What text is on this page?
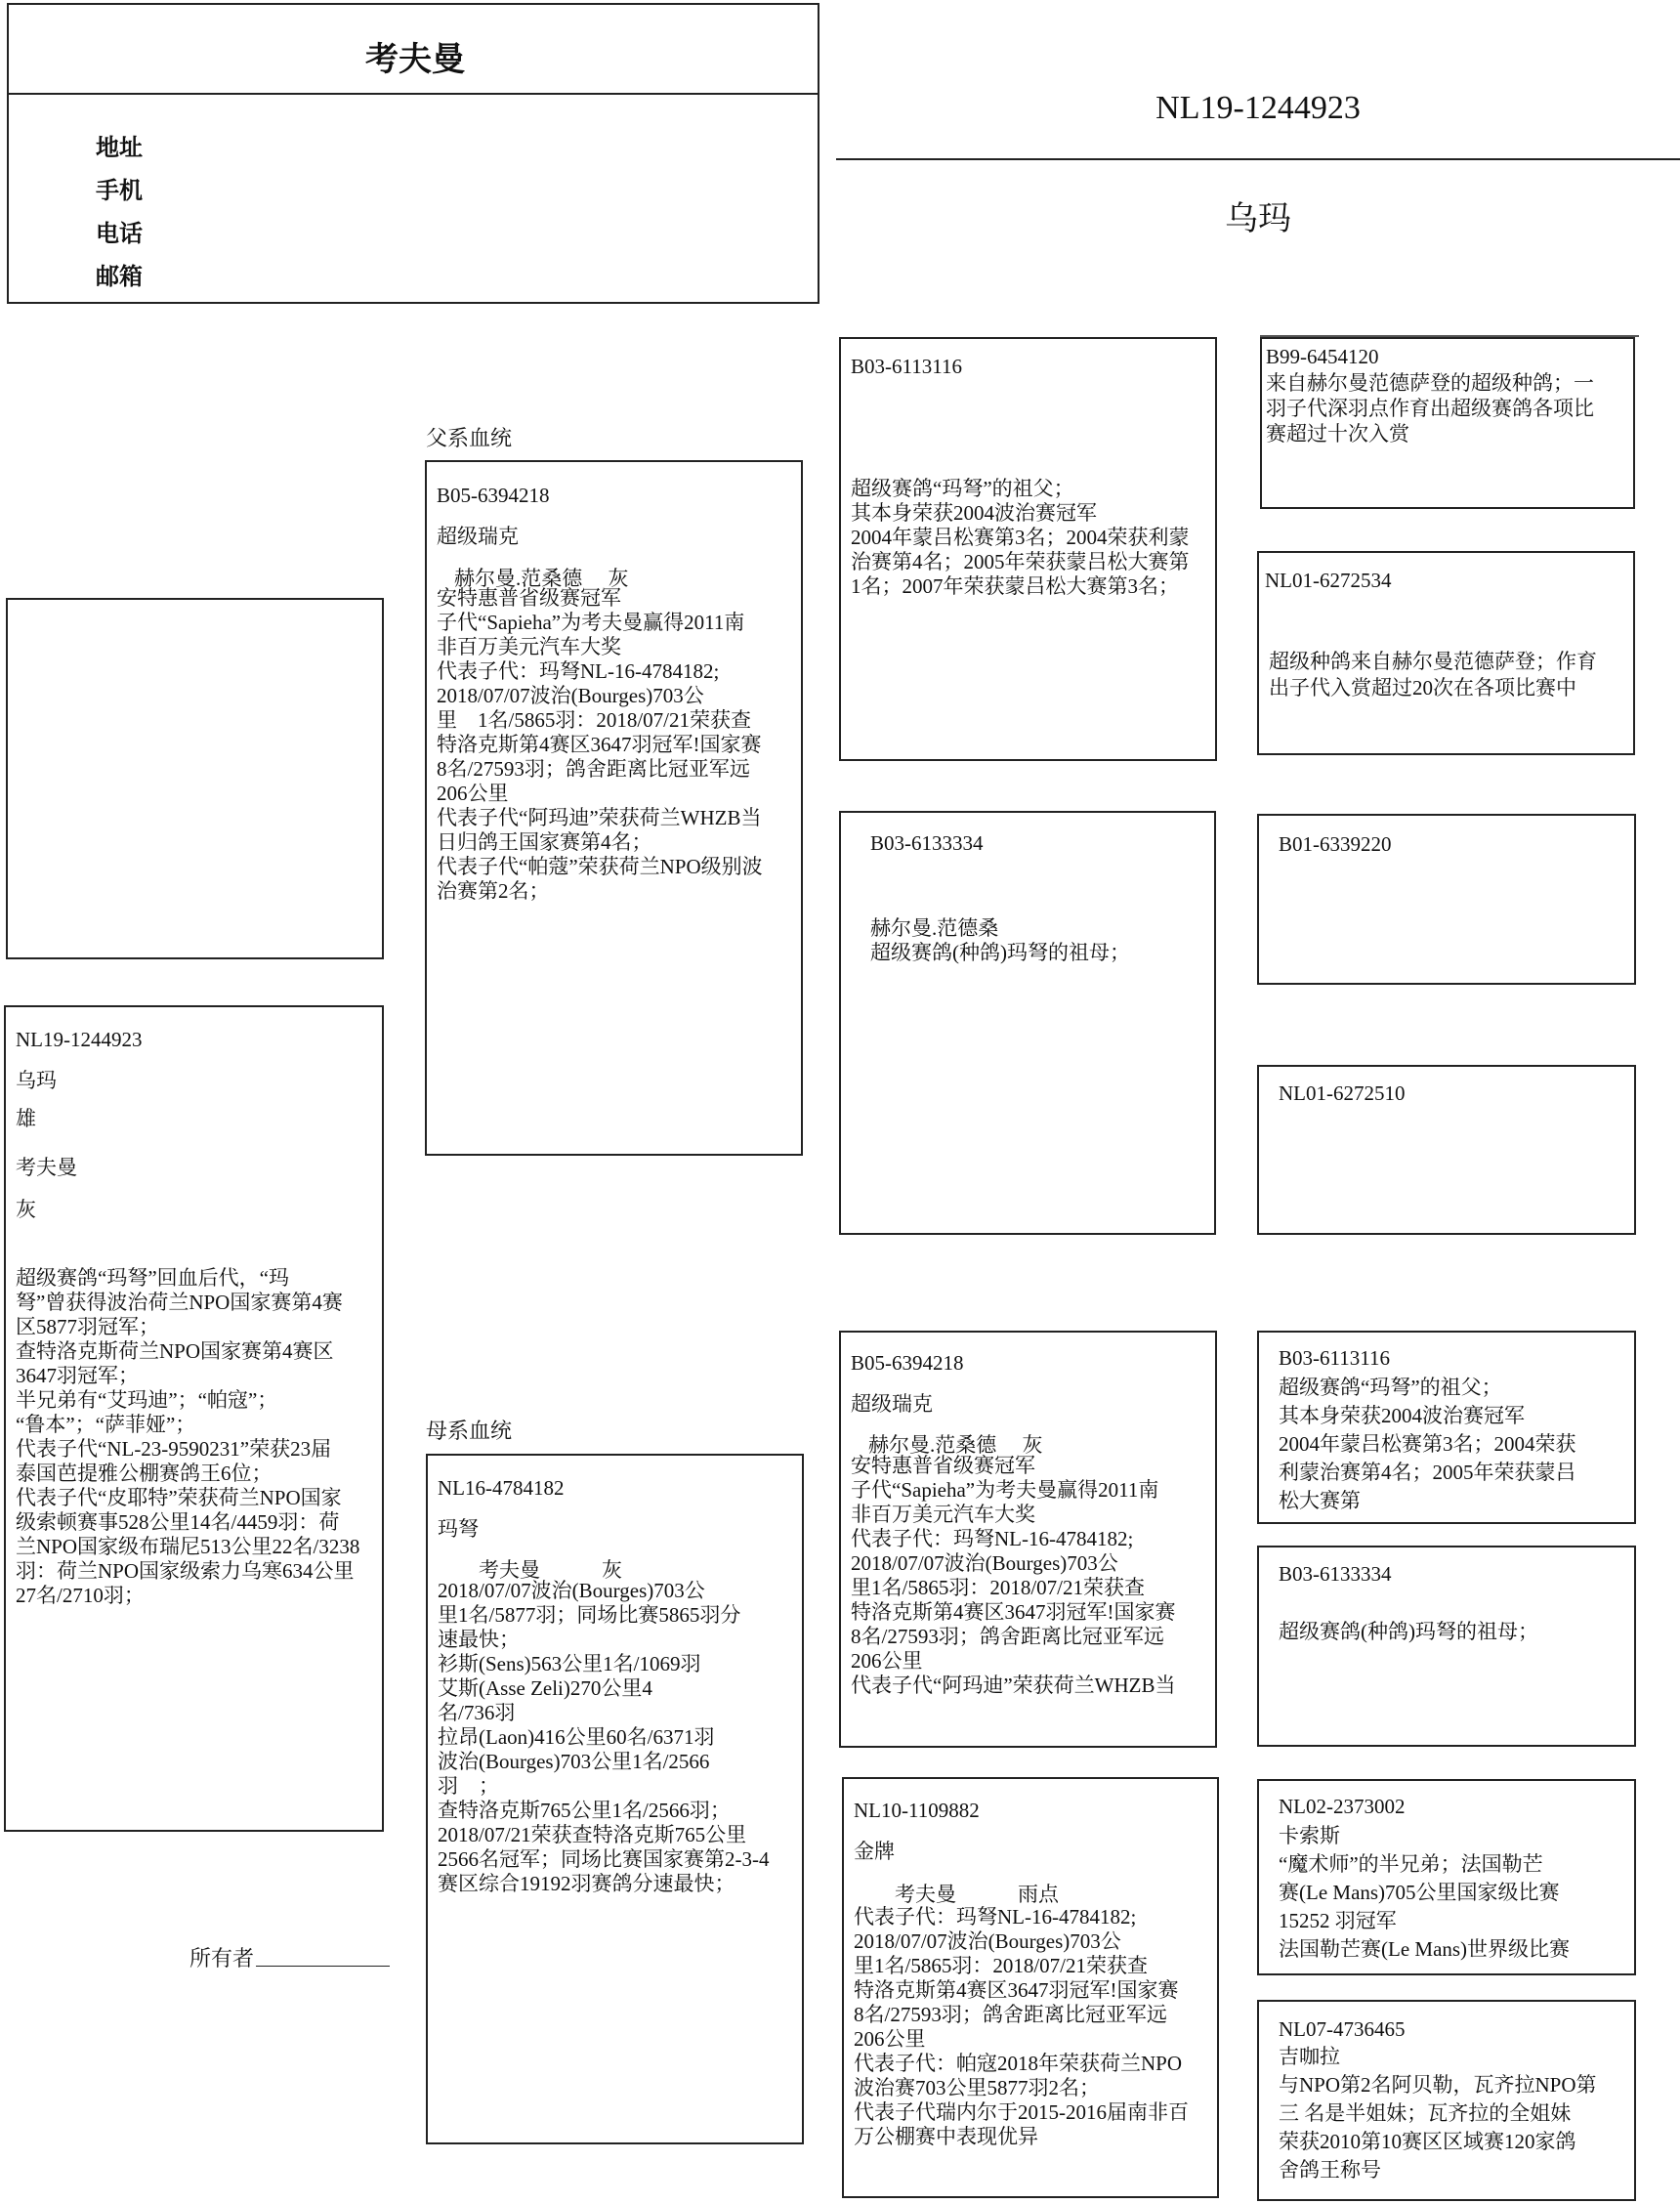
考夫曼
地址
手机
电话
邮箱
NL19-1244923
乌玛
NL19-1244923
乌玛
雄
考夫曼
灰
超级赛鸽“玛弩”回血后代，“玛
弩”曾获得波治荷兰NPO国家赛第4赛
区5877羽冠军；
查特洛克斯荷兰NPO国家赛第4赛区
3647羽冠军；
半兄弟有“艾玛迪”；“帕寇”；
“鲁本”；“萨菲娅”；
代表子代“NL-23-9590231”荣获23届
泰国芭提雅公棚赛鸽王6位；
代表子代“皮耶特”荣获荷兰NPO国家
级索顿赛事528公里14名/4459羽：荷
兰NPO国家级布瑞尼513公里22名/3238
羽：荷兰NPO国家级索力乌寒634公里
27名/2710羽；
所有者
父系血统
B05-6394218
超级瑞克
赫尔曼.范桑德　 灰
安特惠普省级赛冠军
子代“Sapieha”为考夫曼赢得2011南
非百万美元汽车大奖
代表子代：玛弩NL-16-4784182;
2018/07/07波治(Bourges)703公
里　1名/5865羽：2018/07/21荣获查
特洛克斯第4赛区3647羽冠军!国家赛
8名/27593羽；鸽舍距离比冠亚军远
206公里
代表子代“阿玛迪”荣获荷兰WHZB当
日归鸽王国家赛第4名；
代表子代“帕蔻”荣获荷兰NPO级别波
治赛第2名；
母系血统
NL16-4784182
玛弩
　　考夫曼　　　灰
2018/07/07波治(Bourges)703公
里1名/5877羽；同场比赛5865羽分
速最快；
衫斯(Sens)563公里1名/1069羽
艾斯(Asse Zeli)270公里4
名/736羽
拉昂(Laon)416公里60名/6371羽
波治(Bourges)703公里1名/2566
羽　；
查特洛克斯765公里1名/2566羽；
2018/07/21荣获查特洛克斯765公里
2566名冠军；同场比赛国家赛第2-3-4
赛区综合19192羽赛鸽分速最快；
B03-6113116
超级赛鸽“玛弩”的祖父；
其本身荣获2004波治赛冠军
2004年蒙吕松赛第3名；2004荣获利蒙
治赛第4名；2005年荣获蒙吕松大赛第
1名；2007年荣获蒙吕松大赛第3名；
B03-6133334
赫尔曼.范德桑
超级赛鸽(种鸽)玛弩的祖母；
B05-6394218
超级瑞克
赫尔曼.范桑德　 灰
安特惠普省级赛冠军
子代“Sapieha”为考夫曼赢得2011南
非百万美元汽车大奖
代表子代：玛弩NL-16-4784182;
2018/07/07波治(Bourges)703公
里1名/5865羽：2018/07/21荣获查
特洛克斯第4赛区3647羽冠军!国家赛
8名/27593羽；鸽舍距离比冠亚军远
206公里
代表子代“阿玛迪”荣获荷兰WHZB当
NL10-1109882
金牌
　　考夫曼　　　雨点
代表子代：玛弩NL-16-4784182;
2018/07/07波治(Bourges)703公
里1名/5865羽：2018/07/21荣获查
特洛克斯第4赛区3647羽冠军!国家赛
8名/27593羽；鸽舍距离比冠亚军远
206公里
代表子代：帕寇2018年荣获荷兰NPO
波治赛703公里5877羽2名；
代表子代瑞内尔于2015-2016届南非百
万公棚赛中表现优异
B99-6454120
来自赫尔曼范德萨登的超级种鸽；一
羽子代深羽点作育出超级赛鸽各项比
赛超过十次入赏
NL01-6272534
超级种鸽来自赫尔曼范德萨登；作育
出子代入赏超过20次在各项比赛中
B01-6339220
NL01-6272510
B03-6113116
超级赛鸽“玛弩”的祖父；
其本身荣获2004波治赛冠军
2004年蒙吕松赛第3名；2004荣获
利蒙治赛第4名；2005年荣获蒙吕
松大赛第
B03-6133334
超级赛鸽(种鸽)玛弩的祖母；
NL02-2373002
卡索斯
“魔术师”的半兄弟；法国勒芒
赛(Le Mans)705公里国家级比赛
15252 羽冠军
法国勒芒赛(Le Mans)世界级比赛
NL07-4736465
吉咖拉
与NPO第2名阿贝勒，瓦齐拉NPO第
三 名是半姐妹；瓦齐拉的全姐妹
荣获2010第10赛区区域赛120家鸽
舍鸽王称号
